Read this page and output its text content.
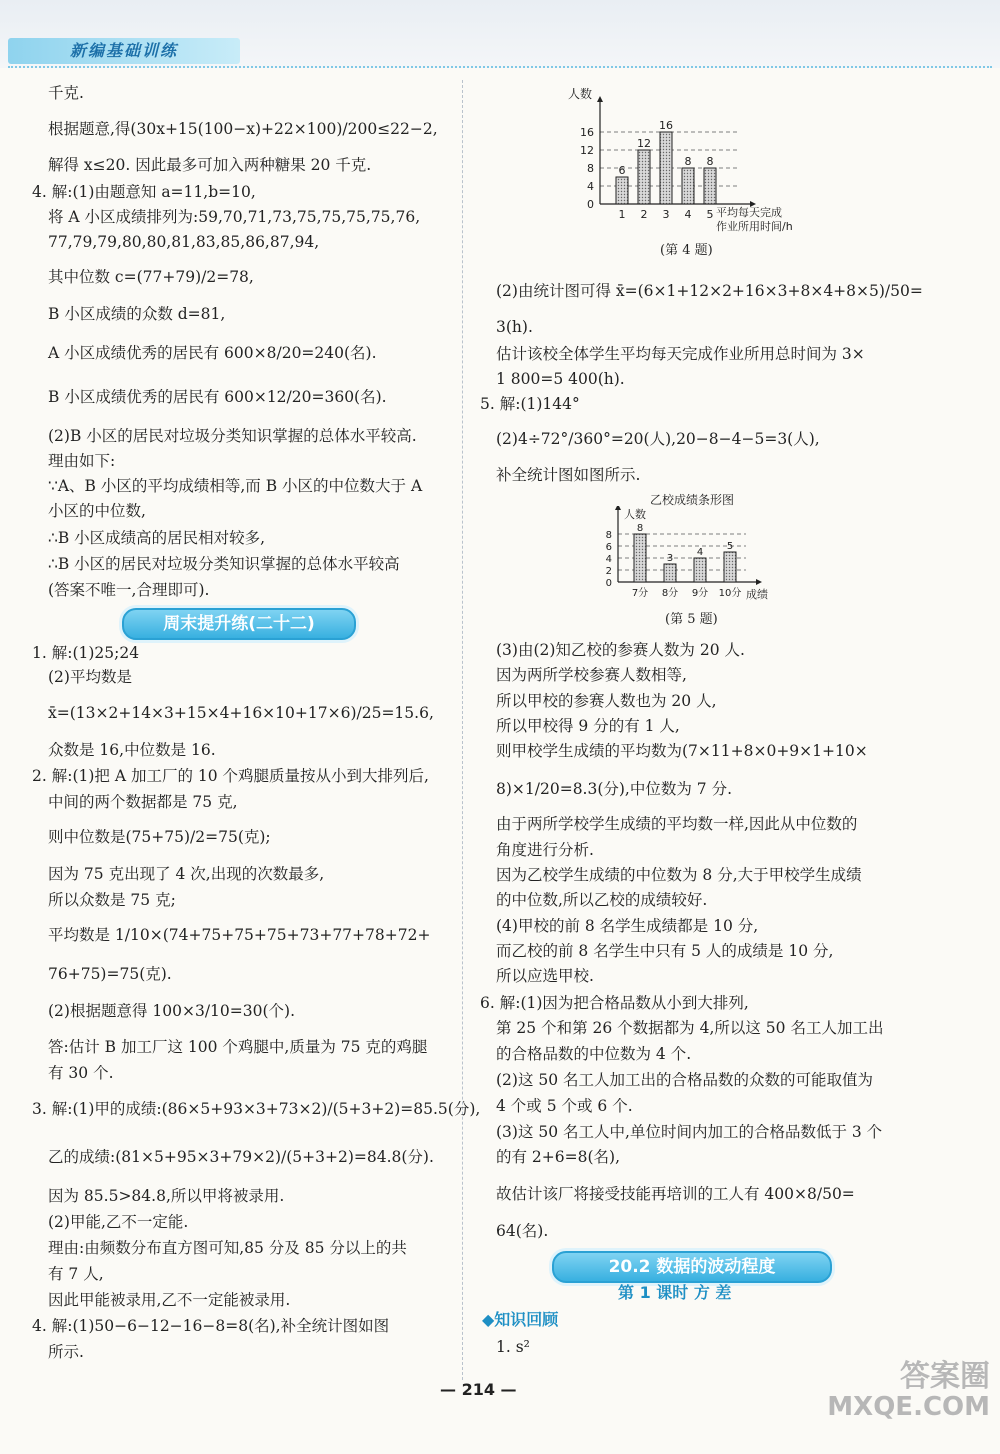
新编基础训练
千克.
根据题意,得(30x+15(100−x)+22×100)/200≤22−2,
解得 x≤20. 因此最多可加入两种糖果 20 千克.
4. 解:(1)由题意知 a=11,b=10,
将 A 小区成绩排列为:59,70,71,73,75,75,75,75,76,
77,79,79,80,80,81,83,85,86,87,94,
其中位数 c=(77+79)/2=78,
B 小区成绩的众数 d=81,
A 小区成绩优秀的居民有 600×8/20=240(名).
B 小区成绩优秀的居民有 600×12/20=360(名).
(2)B 小区的居民对垃圾分类知识掌握的总体水平较高.
理由如下:
∵A、B 小区的平均成绩相等,而 B 小区的中位数大于 A
小区的中位数,
∴B 小区成绩高的居民相对较多,
∴B 小区的居民对垃圾分类知识掌握的总体水平较高
(答案不唯一,合理即可).
周末提升练(二十二)
1. 解:(1)25;24
(2)平均数是
x̄=(13×2+14×3+15×4+16×10+17×6)/25=15.6,
众数是 16,中位数是 16.
2. 解:(1)把 A 加工厂的 10 个鸡腿质量按从小到大排列后,
中间的两个数据都是 75 克,
则中位数是(75+75)/2=75(克);
因为 75 克出现了 4 次,出现的次数最多,
所以众数是 75 克;
平均数是 1/10×(74+75+75+75+73+77+78+72+
76+75)=75(克).
(2)根据题意得 100×3/10=30(个).
答:估计 B 加工厂这 100 个鸡腿中,质量为 75 克的鸡腿
有 30 个.
3. 解:(1)甲的成绩:(86×5+93×3+73×2)/(5+3+2)=85.5(分),
乙的成绩:(81×5+95×3+79×2)/(5+3+2)=84.8(分).
因为 85.5>84.8,所以甲将被录用.
(2)甲能,乙不一定能.
理由:由频数分布直方图可知,85 分及 85 分以上的共
有 7 人,
因此甲能被录用,乙不一定能被录用.
4. 解:(1)50−6−12−16−8=8(名),补全统计图如图
所示.
4
8
12
16
0
人数
6
1
12
2
16
3
8
4
8
5 平均每天完成
作业所用时间/h
(第 4 题)
(2)由统计图可得 x̄=(6×1+12×2+16×3+8×4+8×5)/50=
3(h).
估计该校全体学生平均每天完成作业所用总时间为 3×
1 800=5 400(h).
5. 解:(1)144°
(2)4÷72°/360°=20(人),20−8−4−5=3(人),
补全统计图如图所示.
乙校成绩条形图
2
4
6
8
0
人数
8
7分
3
8分
4
9分
5
10分 成绩
(第 5 题)
(3)由(2)知乙校的参赛人数为 20 人.
因为两所学校参赛人数相等,
所以甲校的参赛人数也为 20 人,
所以甲校得 9 分的有 1 人,
则甲校学生成绩的平均数为(7×11+8×0+9×1+10×
8)×1/20=8.3(分),中位数为 7 分.
由于两所学校学生成绩的平均数一样,因此从中位数的
角度进行分析.
因为乙校学生成绩的中位数为 8 分,大于甲校学生成绩
的中位数,所以乙校的成绩较好.
(4)甲校的前 8 名学生成绩都是 10 分,
而乙校的前 8 名学生中只有 5 人的成绩是 10 分,
所以应选甲校.
6. 解:(1)因为把合格品数从小到大排列,
第 25 个和第 26 个数据都为 4,所以这 50 名工人加工出
的合格品数的中位数为 4 个.
(2)这 50 名工人加工出的合格品数的众数的可能取值为
4 个或 5 个或 6 个.
(3)这 50 名工人中,单位时间内加工的合格品数低于 3 个
的有 2+6=8(名),
故估计该厂将接受技能再培训的工人有 400×8/50=
64(名).
20.2 数据的波动程度
第 1 课时 方 差
◆知识回顾
1. s²
— 214 —	答案圈
MXQE.COM
